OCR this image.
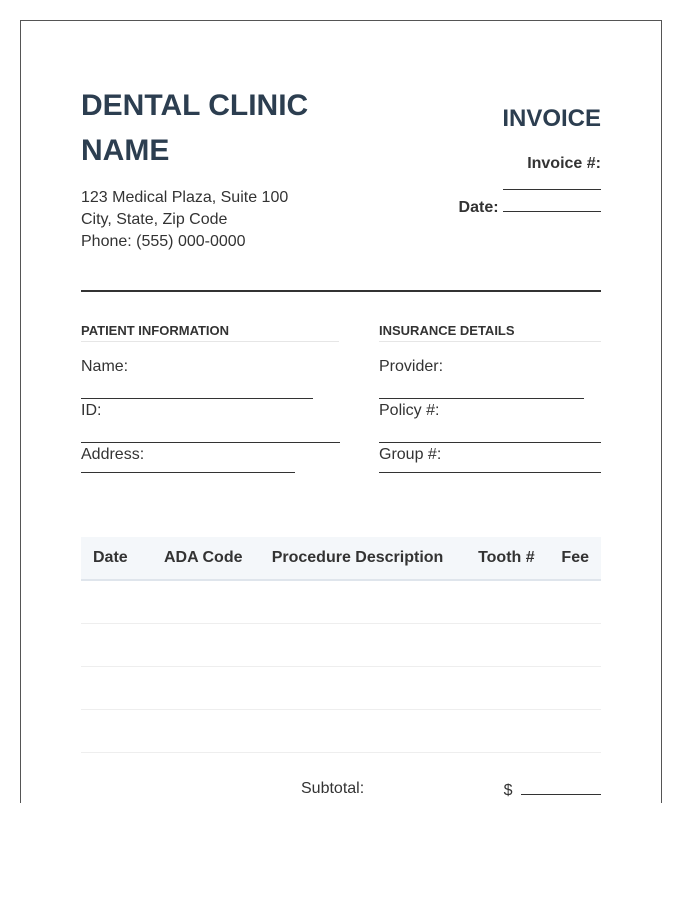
DENTAL CLINIC NAME
123 Medical Plaza, Suite 100
City, State, Zip Code
Phone: (555) 000-0000
INVOICE
Invoice #:
Date:
PATIENT INFORMATION
Name:
ID:
Address:
INSURANCE DETAILS
Provider:
Policy #:
Group #:
Date	ADA Code	Procedure Description	Tooth #	Fee

Subtotal:	$
